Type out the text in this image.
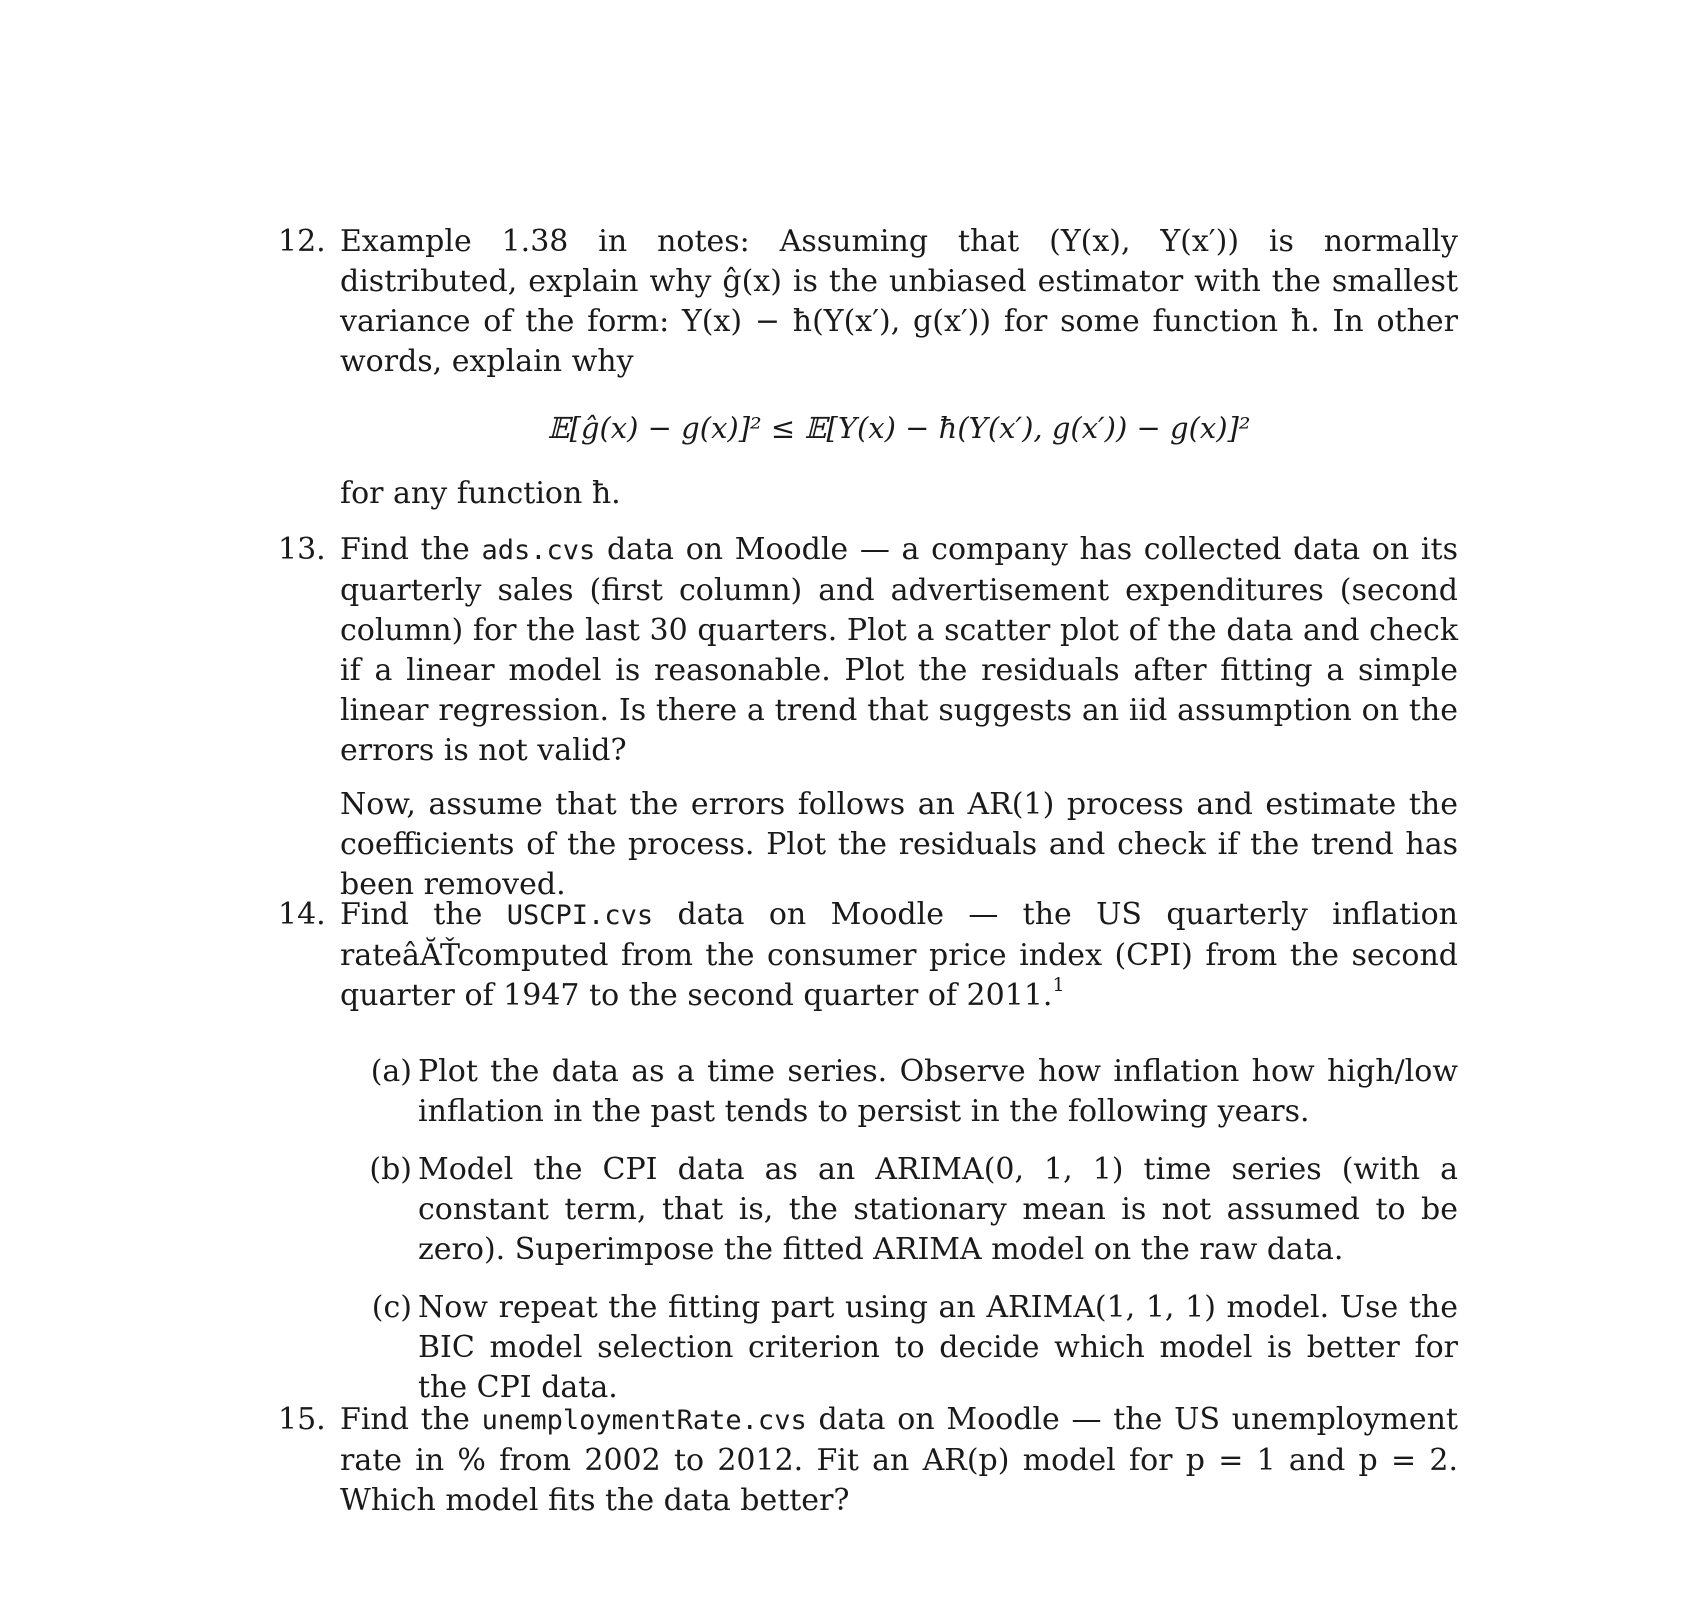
12. Example 1.38 in notes: Assuming that (Y(x), Y(x′)) is normally distributed, explain why ĝ(x) is the unbiased estimator with the smallest variance of the form: Y(x) − ħ(Y(x′), g(x′)) for some function ħ. In other words, explain why
𝔼[ĝ(x) − g(x)]² ≤ 𝔼[Y(x) − ħ(Y(x′), g(x′)) − g(x)]²
for any function ħ.
13. Find the ads.cvs data on Moodle — a company has collected data on its quarterly sales (first column) and advertisement expenditures (second column) for the last 30 quarters. Plot a scatter plot of the data and check if a linear model is reasonable. Plot the residuals after fitting a simple linear regression. Is there a trend that suggests an iid assumption on the errors is not valid?
Now, assume that the errors follows an AR(1) process and estimate the coefficients of the process. Plot the residuals and check if the trend has been removed.
14. Find the USCPI.cvs data on Moodle — the US quarterly inflation rateâĂŤcomputed from the consumer price index (CPI) from the second quarter of 1947 to the second quarter of 2011.$^1$
(a) Plot the data as a time series. Observe how inflation how high/low inflation in the past tends to persist in the following years.
(b) Model the CPI data as an ARIMA(0, 1, 1) time series (with a constant term, that is, the stationary mean is not assumed to be zero). Superimpose the fitted ARIMA model on the raw data.
(c) Now repeat the fitting part using an ARIMA(1, 1, 1) model. Use the BIC model selection criterion to decide which model is better for the CPI data.
15. Find the unemploymentRate.cvs data on Moodle — the US unemployment rate in % from 2002 to 2012. Fit an AR(p) model for p = 1 and p = 2. Which model fits the data better?
